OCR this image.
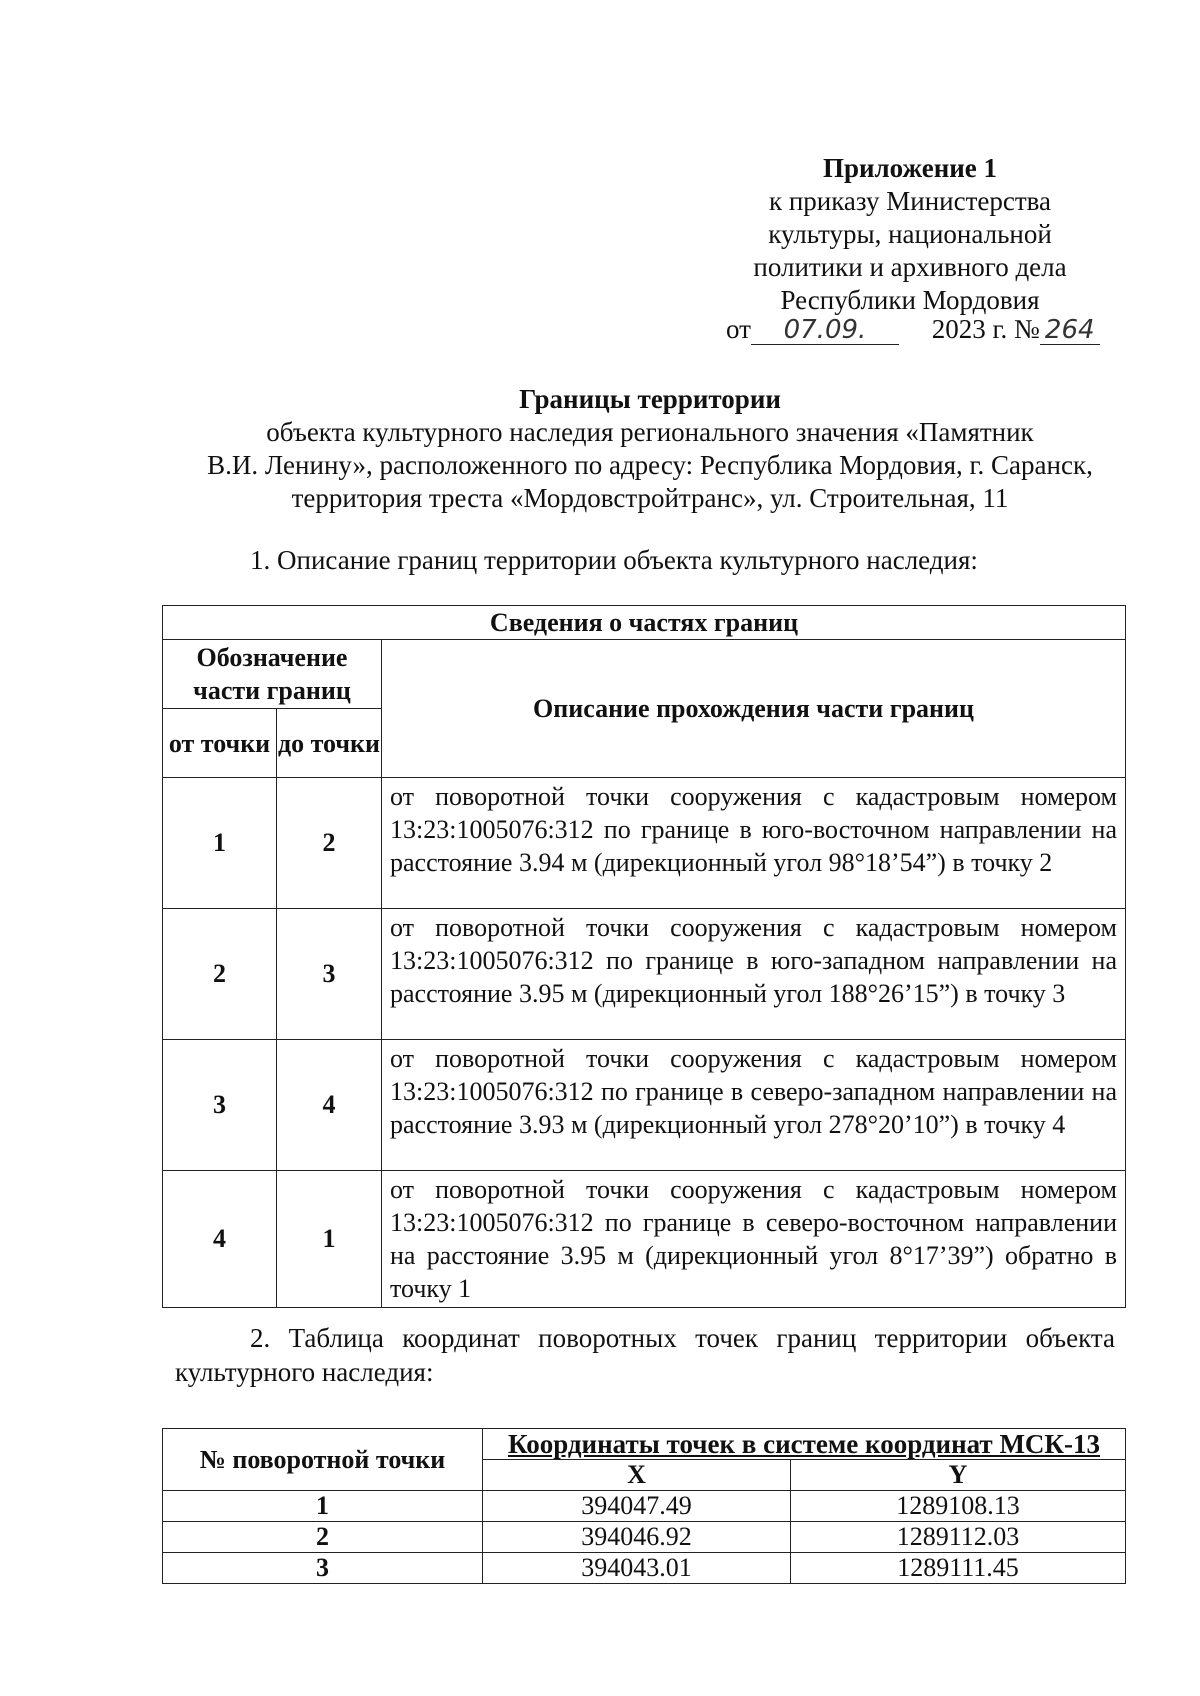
Приложение 1
к приказу Министерства
культуры, национальной
политики и архивного дела
Республики Мордовия
от 07.09. 2023 г. № 264
Границы территории
объекта культурного наследия регионального значения «Памятник
В.И. Ленину», расположенного по адресу: Республика Мордовия, г. Саранск,
территория треста «Мордовстройтранс», ул. Строительная, 11
1. Описание границ территории объекта культурного наследия:
Сведения о частях границ		
Обозначение части границ		Описание прохождения части границ
от точки	до точки	
1	2	от поворотной точки сооружения с кадастровым номером 13:23:1005076:312 по границе в юго-восточном направлении на расстояние 3.94 м (дирекционный угол 98°18’54”) в точку 2
2	3	от поворотной точки сооружения с кадастровым номером 13:23:1005076:312 по границе в юго-западном направлении на расстояние 3.95 м (дирекционный угол 188°26’15”) в точку 3
3	4	от поворотной точки сооружения с кадастровым номером 13:23:1005076:312 по границе в северо-западном направлении на расстояние 3.93 м (дирекционный угол 278°20’10”) в точку 4
4	1	от поворотной точки сооружения с кадастровым номером 13:23:1005076:312 по границе в северо-восточном направлении на расстояние 3.95 м (дирекционный угол 8°17’39”) обратно в точку 1
2. Таблица координат поворотных точек границ территории объекта культурного наследия:
№ поворотной точки	Координаты точек в системе координат МСК-13	
	X	Y
1	394047.49	1289108.13
2	394046.92	1289112.03
3	394043.01	1289111.45
